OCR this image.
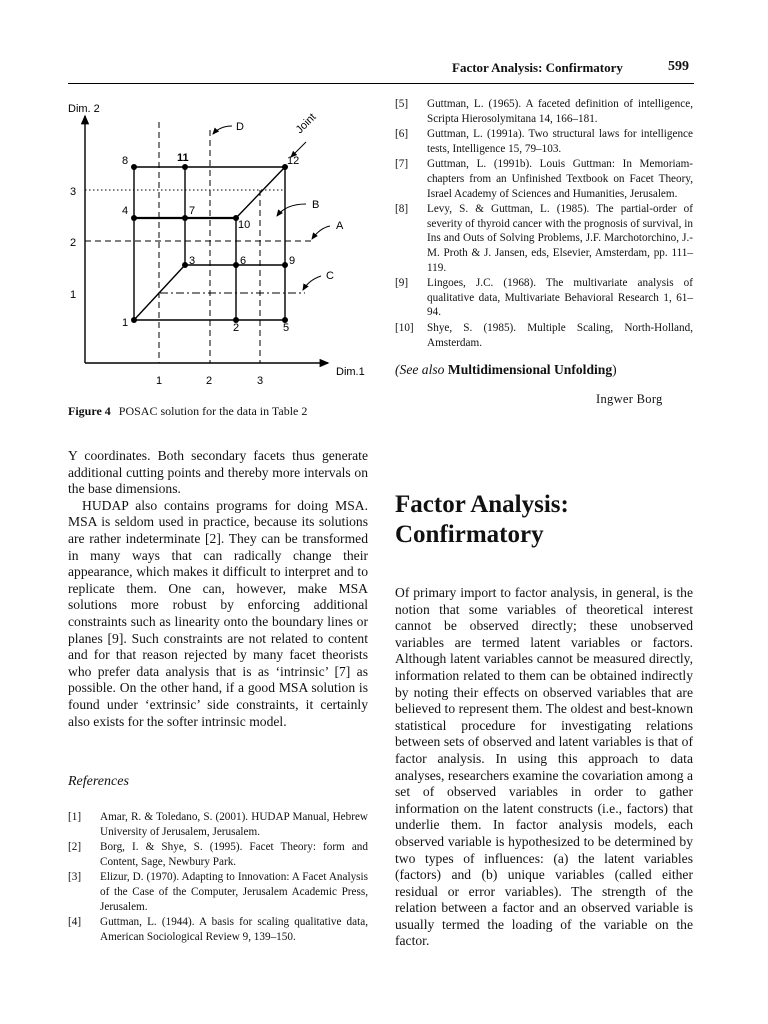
Factor Analysis: Confirmatory	599
Dim. 2
Dim.1
1	2	3
1
2
3
1	2
3
4
5
6
7
8
9
10
11	12
Joint
D
B
A
C
Figure 4 POSAC solution for the data in Table 2

Y coordinates. Both secondary facets thus generate additional cutting points and thereby more intervals on the base dimensions.

HUDAP also contains programs for doing MSA. MSA is seldom used in practice, because its solutions are rather indeterminate [2]. They can be transformed in many ways that can radically change their appearance, which makes it difficult to interpret and to replicate them. One can, however, make MSA solutions more robust by enforcing additional constraints such as linearity onto the boundary lines or planes [9]. Such constraints are not related to content and for that reason rejected by many facet theorists who prefer data analysis that is as ‘intrinsic’ [7] as possible. On the other hand, if a good MSA solution is found under ‘extrinsic’ side constraints, it certainly also exists for the softer intrinsic model.

References
[1]	Amar, R. & Toledano, S. (2001). HUDAP Manual, Hebrew University of Jerusalem, Jerusalem.
[2]	Borg, I. & Shye, S. (1995). Facet Theory: form and Content, Sage, Newbury Park.
[3]	Elizur, D. (1970). Adapting to Innovation: A Facet Analysis of the Case of the Computer, Jerusalem Academic Press, Jerusalem.
[4]	Guttman, L. (1944). A basis for scaling qualitative data, American Sociological Review 9, 139–150.
[5]	Guttman, L. (1965). A faceted definition of intelligence, Scripta Hierosolymitana 14, 166–181.
[6]	Guttman, L. (1991a). Two structural laws for intelligence tests, Intelligence 15, 79–103.
[7]	Guttman, L. (1991b). Louis Guttman: In Memoriam-chapters from an Unfinished Textbook on Facet Theory, Israel Academy of Sciences and Humanities, Jerusalem.
[8]	Levy, S. & Guttman, L. (1985). The partial-order of severity of thyroid cancer with the prognosis of survival, in Ins and Outs of Solving Problems, J.F. Marchotorchino, J.-M. Proth & J. Jansen, eds, Elsevier, Amsterdam, pp. 111–119.
[9]	Lingoes, J.C. (1968). The multivariate analysis of qualitative data, Multivariate Behavioral Research 1, 61–94.
[10]	Shye, S. (1985). Multiple Scaling, North-Holland, Amsterdam.
(See also Multidimensional Unfolding)
Ingwer Borg
Factor Analysis: Confirmatory

Of primary import to factor analysis, in general, is the notion that some variables of theoretical interest cannot be observed directly; these unobserved variables are termed latent variables or factors. Although latent variables cannot be measured directly, information related to them can be obtained indirectly by noting their effects on observed variables that are believed to represent them. The oldest and best-known statistical procedure for investigating relations between sets of observed and latent variables is that of factor analysis. In using this approach to data analyses, researchers examine the covariation among a set of observed variables in order to gather information on the latent constructs (i.e., factors) that underlie them. In factor analysis models, each observed variable is hypothesized to be determined by two types of influences: (a) the latent variables (factors) and (b) unique variables (called either residual or error variables). The strength of the relation between a factor and an observed variable is usually termed the loading of the variable on the factor.
